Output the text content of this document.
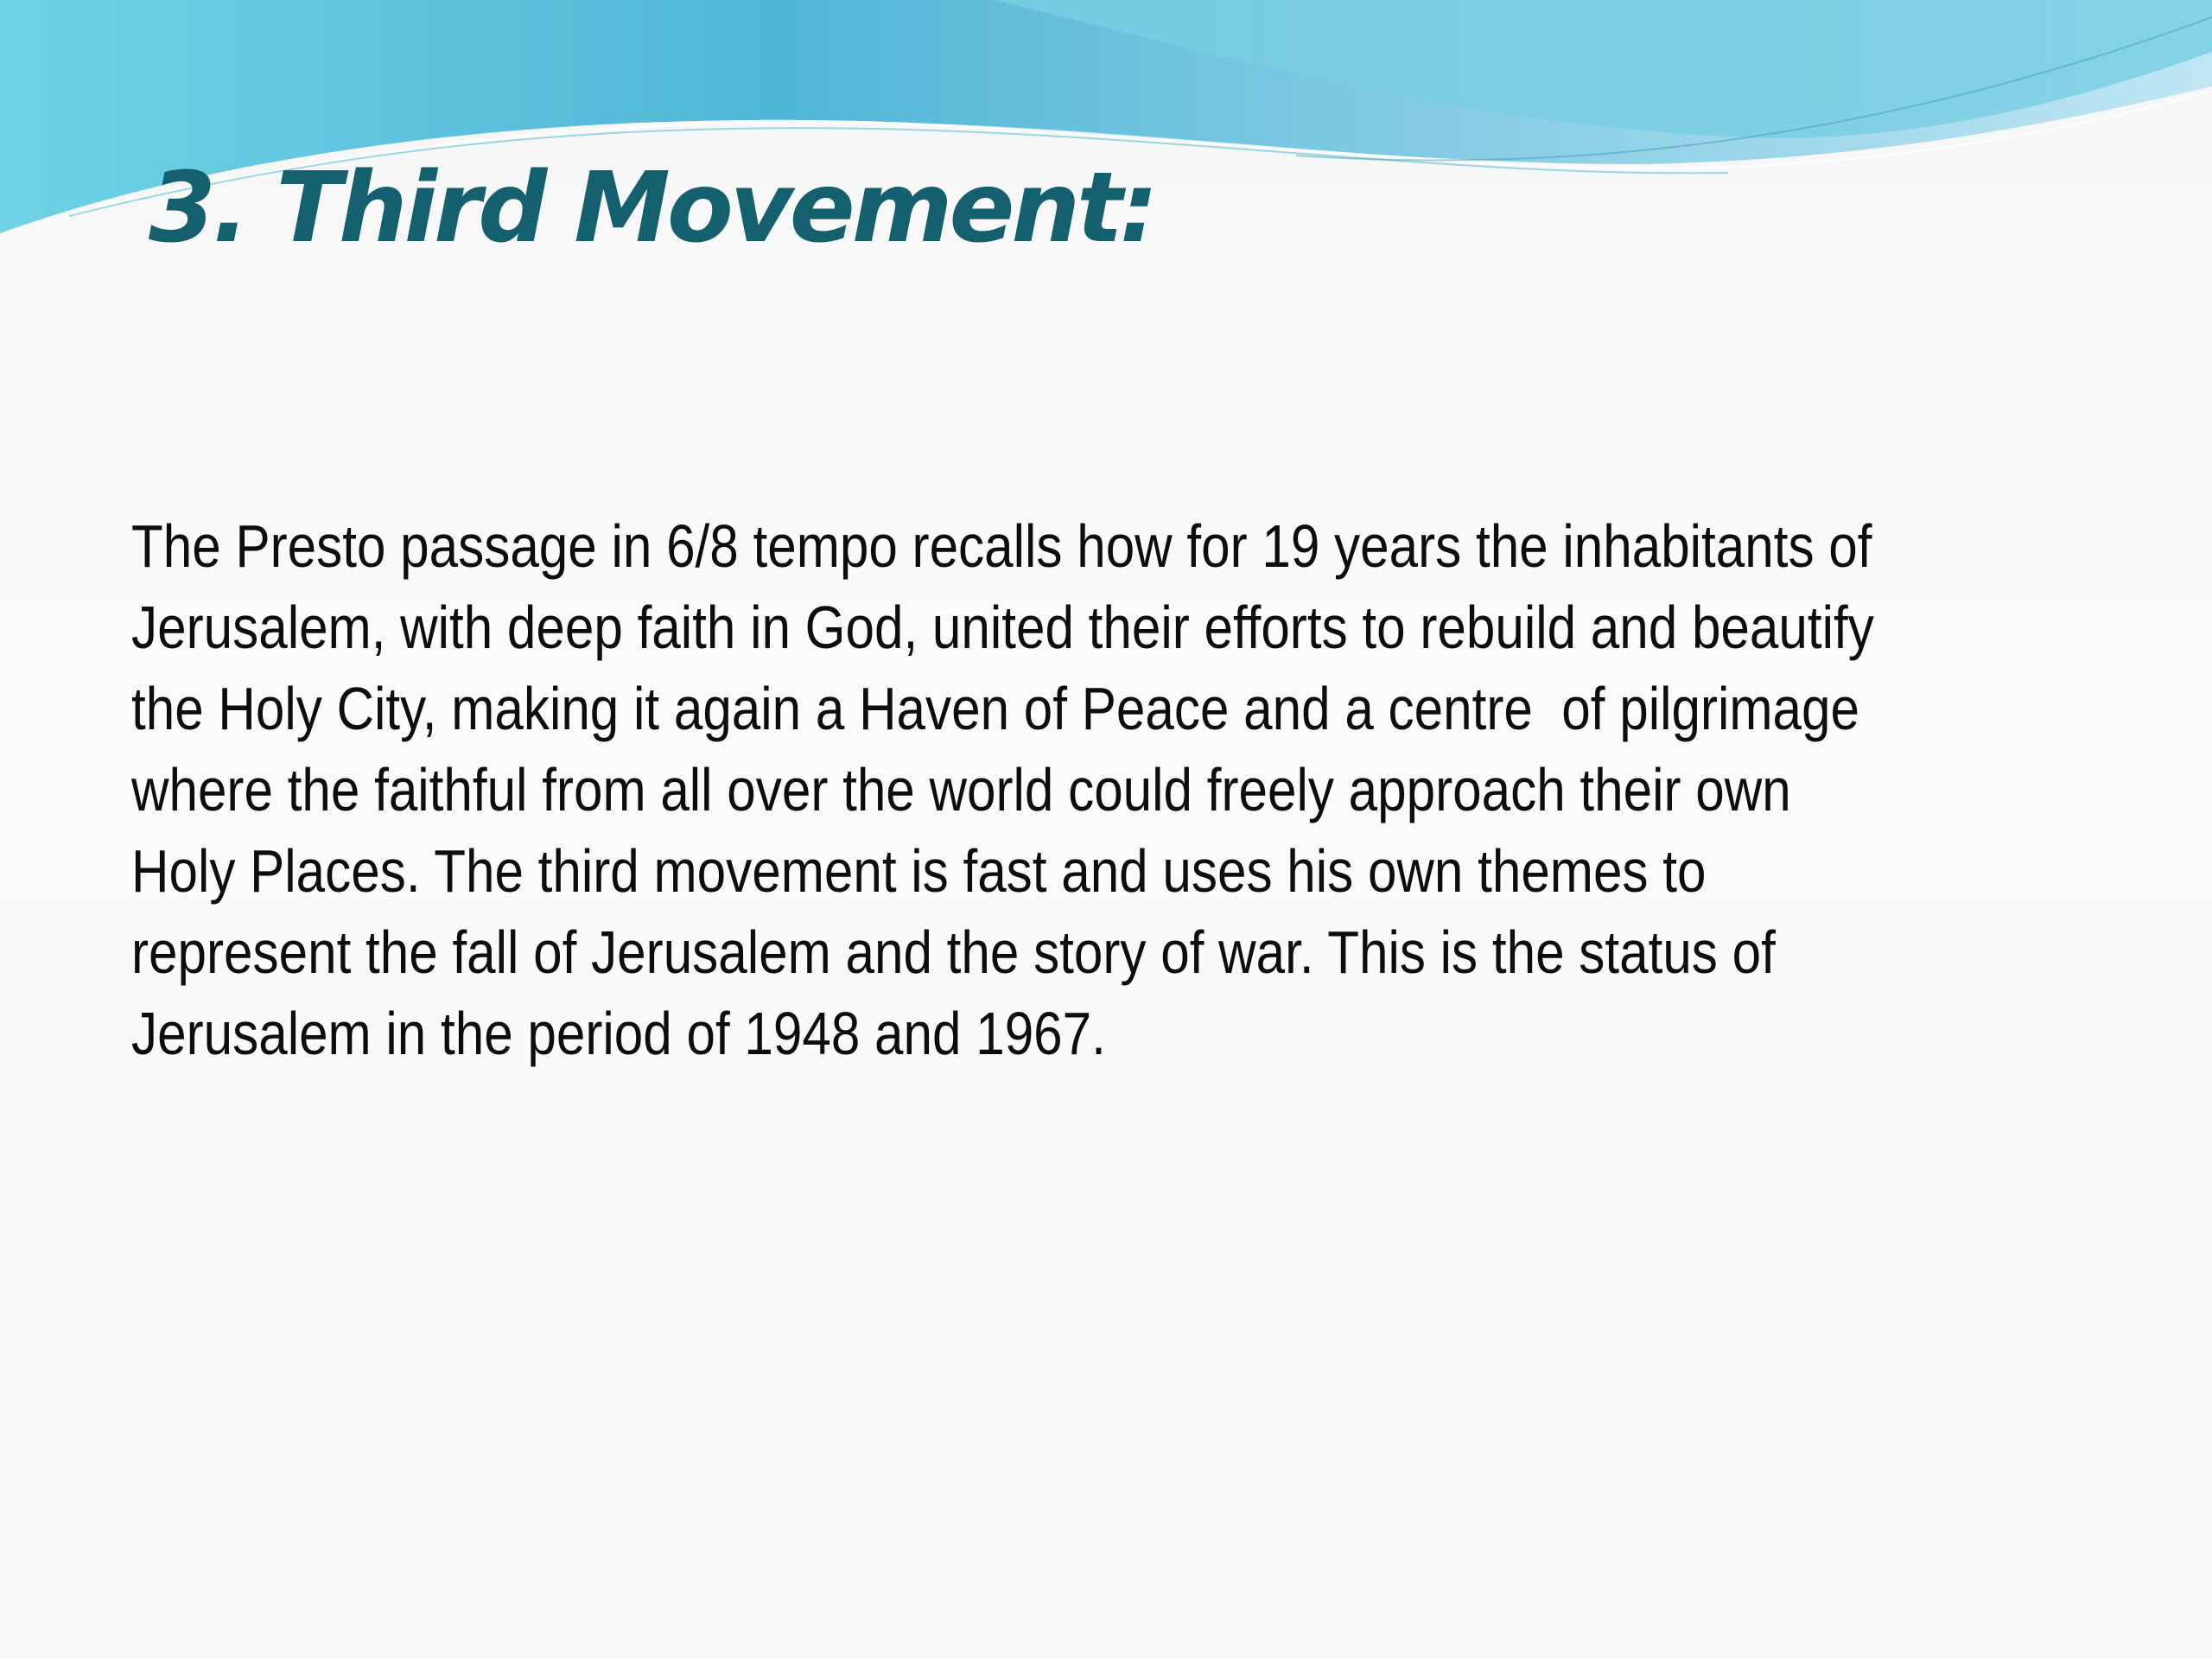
3. Third Movement:

The Presto passage in 6/8 tempo recalls how for 19 years the inhabitants of
Jerusalem, with deep faith in God, united their efforts to rebuild and beautify
the Holy City, making it again a Haven of Peace and a centre  of pilgrimage
where the faithful from all over the world could freely approach their own
Holy Places. The third movement is fast and uses his own themes to
represent the fall of Jerusalem and the story of war. This is the status of
Jerusalem in the period of 1948 and 1967.
